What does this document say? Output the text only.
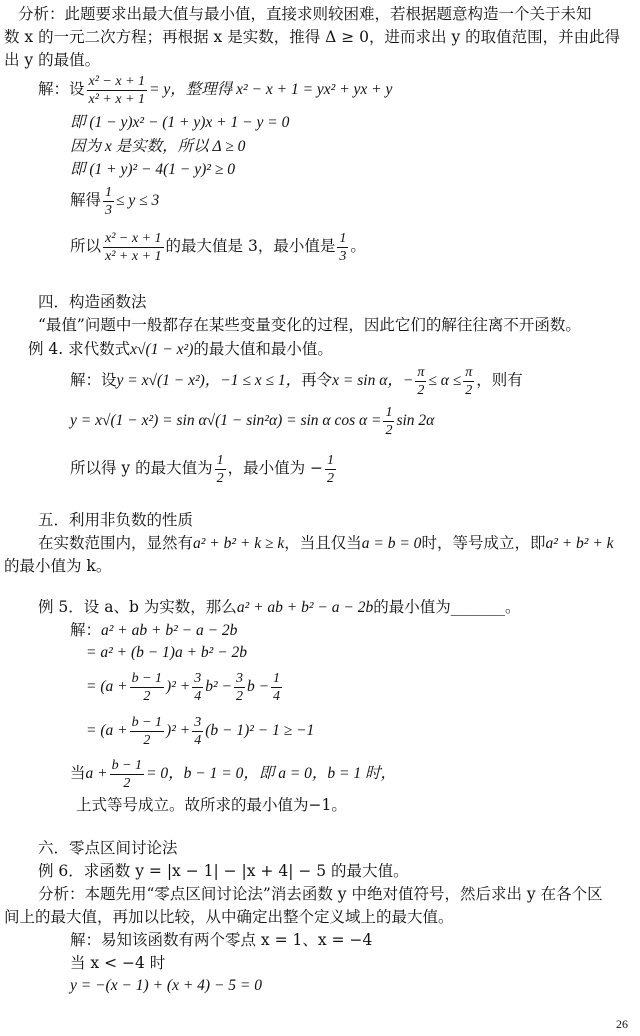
分析：此题要求出最大值与最小值，直接求则较困难，若根据题意构造一个关于未知
数 x 的一元二次方程；再根据 x 是实数，推得 Δ ≥ 0，进而求出 y 的取值范围，并由此得
出 y 的最值。
解：设 $\frac{\text{x² − x + 1}}{\text{x² + x + 1}} = y$，整理得 x² − x + 1 = yx² + yx + y
即 (1 − y)x² − (1 + y)x + 1 − y = 0
因为 x 是实数，所以 Δ ≥ 0
即 (1 + y)² − 4(1 − y)² ≥ 0
解得 $\frac{1}{3} \le y \le 3$
所以 $\frac{\text{x² − x + 1}}{\text{x² + x + 1}}$ 的最大值是 3，最小值是 $\frac{1}{3}$ 。
四．构造函数法
“最值”问题中一般都存在某些变量变化的过程，因此它们的解往往离不开函数。
例 4. 求代数式x√(1 − x²)的最大值和最小值。
解：设y = x√(1 − x²)，−1 ≤ x ≤ 1，再令x = sin α，− $\frac{\pi}{2} \le \alpha \le \frac{\pi}{2}$ ，则有
y = x√(1 − x²) = sin α√(1 − sin²α) = sin α $\cos \alpha = \frac{1}{2}$ sin 2α
所以得 y 的最大值为 $\frac{1}{2}$ ，最小值为 − $\frac{1}{2}$
五．利用非负数的性质
在实数范围内，显然有a² + b² + k ≥ k，当且仅当a = b = 0时，等号成立，即a² + b² + k
的最小值为 k。
例 5．设 a、b 为实数，那么a² + ab + b² − a − 2b的最小值为_______。
解：a² + ab + b² − a − 2b
= a² + (b − 1)a + b² − 2b
= $(a + \frac{b - 1}{2} )^2 + \frac{3}{4} b^2 - \frac{3}{2}$ $b - \frac{1}{4}$
= $(a + \frac{b - 1}{2} )^2 + \frac{3}{4} (b - 1)^2 - 1 \ge -1$
当$a + \frac{b - 1}{2} = 0$，b − 1 = 0，即 a = 0，b = 1 时，
上式等号成立。故所求的最小值为−1。
六．零点区间讨论法
例 6．求函数 y = |x − 1| − |x + 4| − 5 的最大值。
分析：本题先用“零点区间讨论法”消去函数 y 中绝对值符号，然后求出 y 在各个区
间上的最大值，再加以比较，从中确定出整个定义域上的最大值。
解：易知该函数有两个零点 x = 1、x = −4
当 x < −4 时
y = −(x − 1) + (x + 4) − 5 = 0
26
